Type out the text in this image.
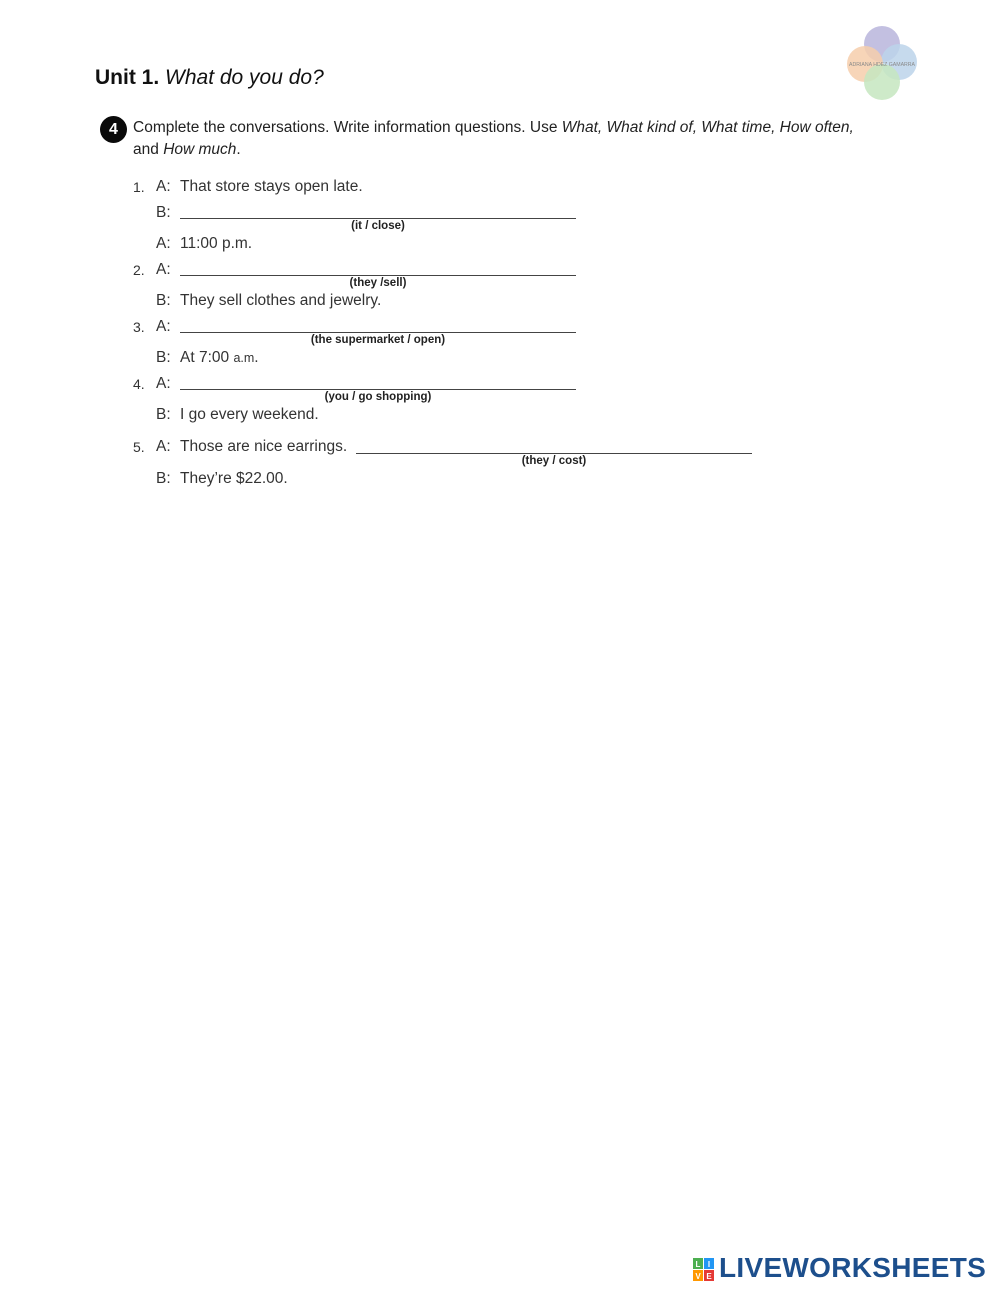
Unit 1. What do you do?
ADRIANA HDEZ GAMARRA
4 Complete the conversations. Write information questions. Use What, What kind of, What time, How often,
and How much.
1. A: That store stays open late.
B:
(it / close)
A: 11:00 p.m.
2. A:
(they /sell)
B: They sell clothes and jewelry.
3. A:
(the supermarket / open)
B: At 7:00 a.m.
4. A:
(you / go shopping)
B: I go every weekend.
5. A: Those are nice earrings.
(they / cost)
B: They’re $22.00.
L I
V E LIVEWORKSHEETS
